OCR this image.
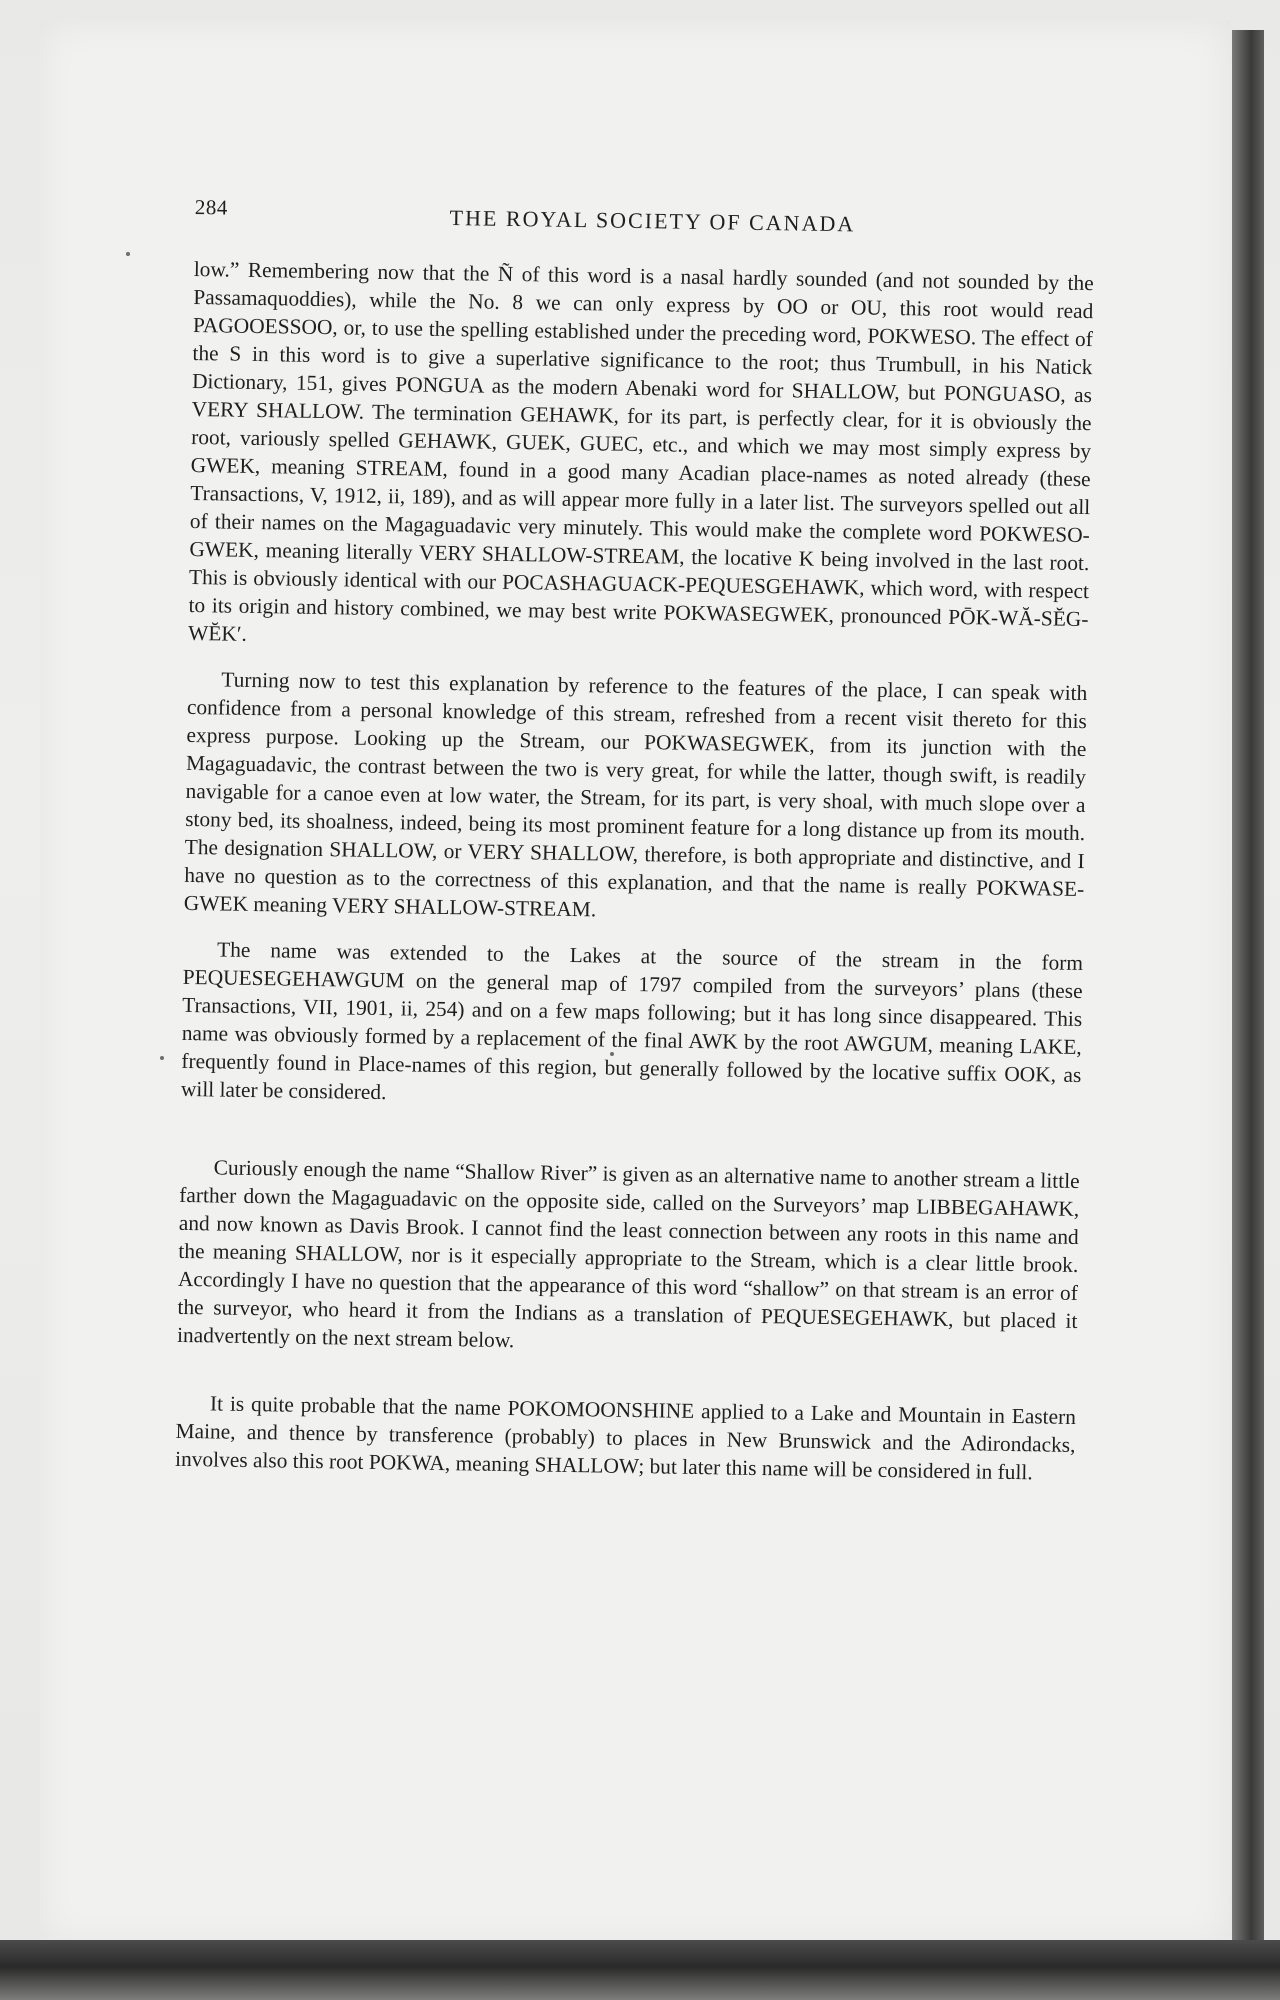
284	THE ROYAL SOCIETY OF CANADA

low.” Remembering now that the Ñ of this word is a nasal hardly sounded (and not sounded by the Passamaquoddies), while the No. 8 we can only express by OO or OU, this root would read PAGOOESSOO, or, to use the spelling established under the preceding word, POKWESO. The effect of the S in this word is to give a superlative significance to the root; thus Trumbull, in his Natick Dictionary, 151, gives PONGUA as the modern Abenaki word for SHALLOW, but PONGUASO, as VERY SHALLOW. The termination GEHAWK, for its part, is perfectly clear, for it is obviously the root, variously spelled GEHAWK, GUEK, GUEC, etc., and which we may most simply express by GWEK, meaning STREAM, found in a good many Acadian place-names as noted already (these Transactions, V, 1912, ii, 189), and as will appear more fully in a later list. The surveyors spelled out all of their names on the Magaguadavic very minutely. This would make the complete word POKWESO-GWEK, meaning literally VERY SHALLOW-STREAM, the locative K being involved in the last root. This is obviously identical with our POCASHAGUACK-PEQUESGEHAWK, which word, with respect to its origin and history combined, we may best write POKWASEGWEK, pronounced PŌK-WĂ-SĔG-WĔK′.

Turning now to test this explanation by reference to the features of the place, I can speak with confidence from a personal knowledge of this stream, refreshed from a recent visit thereto for this express purpose. Looking up the Stream, our POKWASEGWEK, from its junction with the Magaguadavic, the contrast between the two is very great, for while the latter, though swift, is readily navigable for a canoe even at low water, the Stream, for its part, is very shoal, with much slope over a stony bed, its shoalness, indeed, being its most prominent feature for a long distance up from its mouth. The designation SHALLOW, or VERY SHALLOW, therefore, is both appropriate and distinctive, and I have no question as to the correctness of this explanation, and that the name is really POKWASE-GWEK meaning VERY SHALLOW-STREAM.

The name was extended to the Lakes at the source of the stream in the form PEQUESEGEHAWGUM on the general map of 1797 compiled from the surveyors’ plans (these Transactions, VII, 1901, ii, 254) and on a few maps following; but it has long since disappeared. This name was obviously formed by a replacement of the final AWK by the root AWGUM, meaning LAKE, frequently found in Place-names of this region, but generally followed by the locative suffix OOK, as will later be considered.

Curiously enough the name “Shallow River” is given as an alternative name to another stream a little farther down the Magaguadavic on the opposite side, called on the Surveyors’ map LIBBEGAHAWK, and now known as Davis Brook. I cannot find the least connection between any roots in this name and the meaning SHALLOW, nor is it especially appropriate to the Stream, which is a clear little brook. Accordingly I have no question that the appearance of this word “shallow” on that stream is an error of the surveyor, who heard it from the Indians as a translation of PEQUESEGEHAWK, but placed it inadvertently on the next stream below.

It is quite probable that the name POKOMOONSHINE applied to a Lake and Mountain in Eastern Maine, and thence by transference (probably) to places in New Brunswick and the Adirondacks, involves also this root POKWA, meaning SHALLOW; but later this name will be considered in full.
